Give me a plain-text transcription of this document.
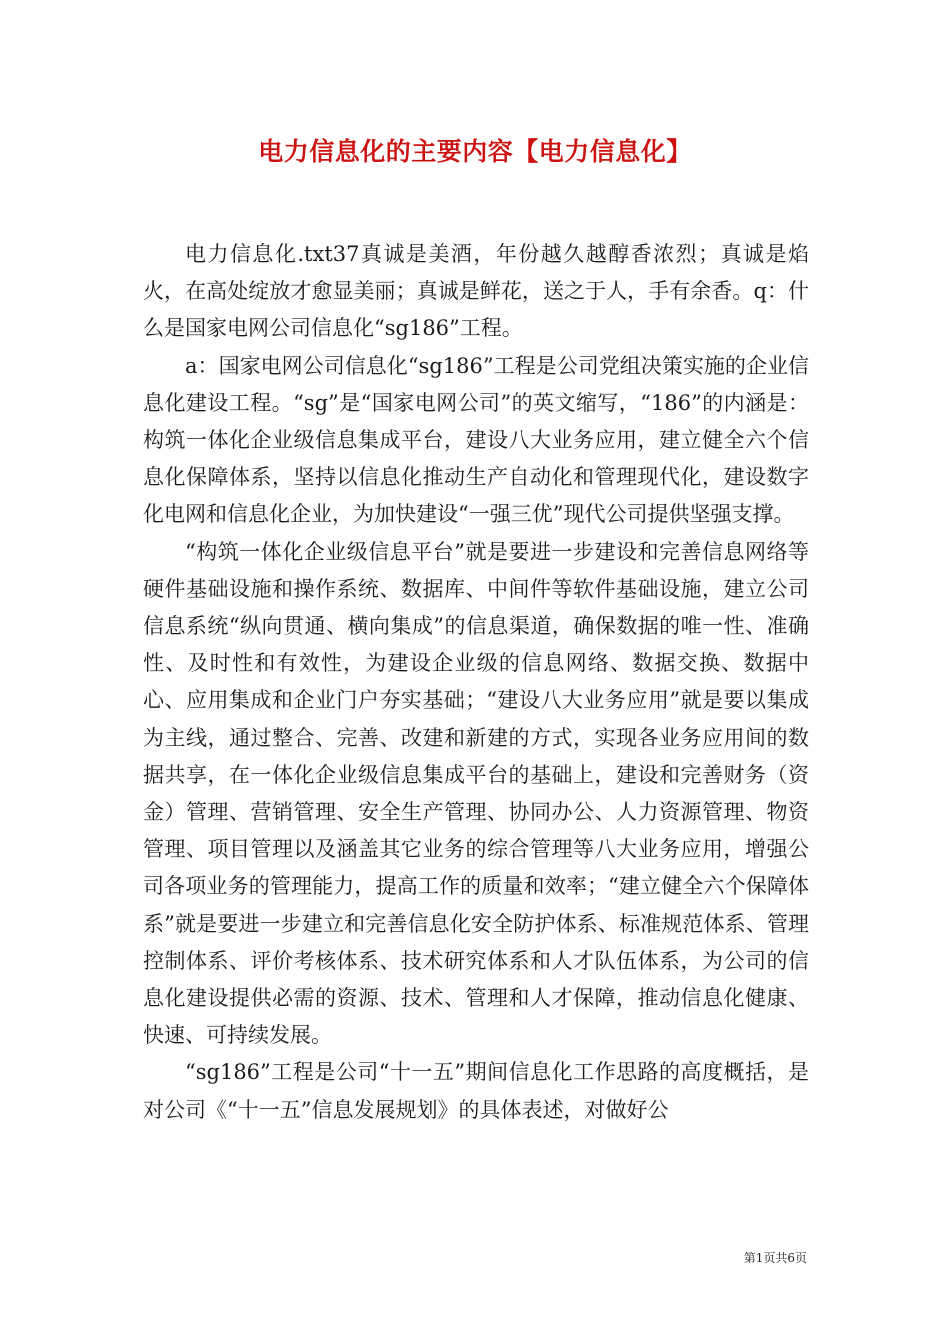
电力信息化的主要内容【电力信息化】

电力信息化.txt37真诚是美酒，年份越久越醇香浓烈；真诚是焰火，在高处绽放才愈显美丽；真诚是鲜花，送之于人，手有余香。q：什么是国家电网公司信息化“sg186”工程。

a：国家电网公司信息化“sg186”工程是公司党组决策实施的企业信息化建设工程。“sg”是“国家电网公司”的英文缩写，“186”的内涵是：构筑一体化企业级信息集成平台，建设八大业务应用，建立健全六个信息化保障体系，坚持以信息化推动生产自动化和管理现代化，建设数字化电网和信息化企业，为加快建设“一强三优”现代公司提供坚强支撑。

“构筑一体化企业级信息平台”就是要进一步建设和完善信息网络等硬件基础设施和操作系统、数据库、中间件等软件基础设施，建立公司信息系统“纵向贯通、横向集成”的信息渠道，确保数据的唯一性、准确性、及时性和有效性，为建设企业级的信息网络、数据交换、数据中心、应用集成和企业门户夯实基础；“建设八大业务应用”就是要以集成为主线，通过整合、完善、改建和新建的方式，实现各业务应用间的数据共享，在一体化企业级信息集成平台的基础上，建设和完善财务（资金）管理、营销管理、安全生产管理、协同办公、人力资源管理、物资管理、项目管理以及涵盖其它业务的综合管理等八大业务应用，增强公司各项业务的管理能力，提高工作的质量和效率；“建立健全六个保障体系”就是要进一步建立和完善信息化安全防护体系、标准规范体系、管理控制体系、评价考核体系、技术研究体系和人才队伍体系，为公司的信息化建设提供必需的资源、技术、管理和人才保障，推动信息化健康、快速、可持续发展。

“sg186”工程是公司“十一五”期间信息化工作思路的高度概括，是对公司《“十一五”信息发展规划》的具体表述，对做好公

第1页共6页
